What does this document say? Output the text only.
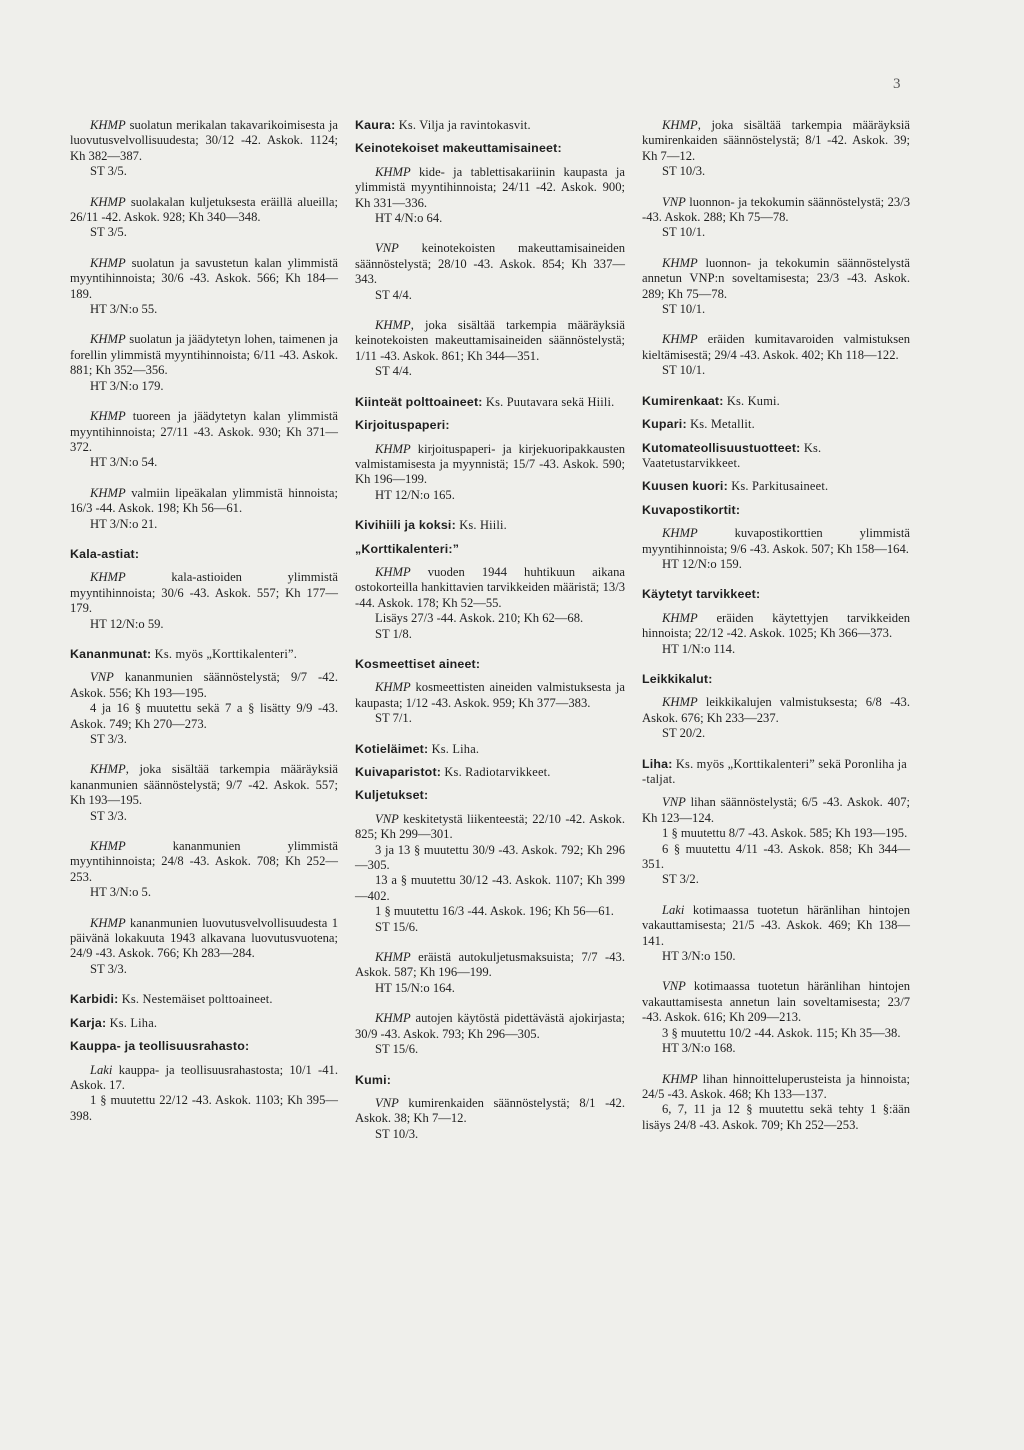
3

KHMP suolatun merikalan takavarikoimisesta ja luovutusvelvollisuudesta; 30/12 -42. Askok. 1124; Kh 382—387.

ST 3/5.

KHMP suolakalan kuljetuksesta eräillä alueilla; 26/11 -42. Askok. 928; Kh 340—348.

ST 3/5.

KHMP suolatun ja savustetun kalan ylimmistä myyntihinnoista; 30/6 -43. Askok. 566; Kh 184—189.

HT 3/N:o 55.

KHMP suolatun ja jäädytetyn lohen, taimenen ja forellin ylimmistä myyntihinnoista; 6/11 -43. Askok. 881; Kh 352—356.

HT 3/N:o 179.

KHMP tuoreen ja jäädytetyn kalan ylimmistä myyntihinnoista; 27/11 -43. Askok. 930; Kh 371—372.

HT 3/N:o 54.

KHMP valmiin lipeäkalan ylimmistä hinnoista; 16/3 -44. Askok. 198; Kh 56—61.

HT 3/N:o 21.

Kala-astiat:

KHMP kala-astioiden ylimmistä myyntihinnoista; 30/6 -43. Askok. 557; Kh 177—179.

HT 12/N:o 59.

Kananmunat: Ks. myös „Korttikalenteri”.

VNP kananmunien säännöstelystä; 9/7 -42. Askok. 556; Kh 193—195.

4 ja 16 § muutettu sekä 7 a § lisätty 9/9 -43. Askok. 749; Kh 270—273.

ST 3/3.

KHMP, joka sisältää tarkempia määräyksiä kananmunien säännöstelystä; 9/7 -42. Askok. 557; Kh 193—195.

ST 3/3.

KHMP kananmunien ylimmistä myyntihinnoista; 24/8 -43. Askok. 708; Kh 252—253.

HT 3/N:o 5.

KHMP kananmunien luovutusvelvollisuudesta 1 päivänä lokakuuta 1943 alkavana luovutusvuotena; 24/9 -43. Askok. 766; Kh 283—284.

ST 3/3.

Karbidi: Ks. Nestemäiset polttoaineet.
Karja: Ks. Liha.
Kauppa- ja teollisuusrahasto:

Laki kauppa- ja teollisuusrahastosta; 10/1 -41. Askok. 17.

1 § muutettu 22/12 -43. Askok. 1103; Kh 395—398.

Kaura: Ks. Vilja ja ravintokasvit.
Keinotekoiset makeuttamisaineet:

KHMP kide- ja tablettisakariinin kaupasta ja ylimmistä myyntihinnoista; 24/11 -42. Askok. 900; Kh 331—336.

HT 4/N:o 64.

VNP keinotekoisten makeuttamisaineiden säännöstelystä; 28/10 -43. Askok. 854; Kh 337—343.

ST 4/4.

KHMP, joka sisältää tarkempia määräyksiä keinotekoisten makeuttamisaineiden säännöstelystä; 1/11 -43. Askok. 861; Kh 344—351.

ST 4/4.

Kiinteät polttoaineet: Ks. Puutavara sekä Hiili.
Kirjoituspaperi:

KHMP kirjoituspaperi- ja kirjekuoripakkausten valmistamisesta ja myynnistä; 15/7 -43. Askok. 590; Kh 196—199.

HT 12/N:o 165.

Kivihiili ja koksi: Ks. Hiili.
„Korttikalenteri:”

KHMP vuoden 1944 huhtikuun aikana ostokorteilla hankittavien tarvikkeiden määristä; 13/3 -44. Askok. 178; Kh 52—55.

Lisäys 27/3 -44. Askok. 210; Kh 62—68.

ST 1/8.

Kosmeettiset aineet:

KHMP kosmeettisten aineiden valmistuksesta ja kaupasta; 1/12 -43. Askok. 959; Kh 377—383.

ST 7/1.

Kotieläimet: Ks. Liha.
Kuivaparistot: Ks. Radiotarvikkeet.
Kuljetukset:

VNP keskitetystä liikenteestä; 22/10 -42. Askok. 825; Kh 299—301.

3 ja 13 § muutettu 30/9 -43. Askok. 792; Kh 296—305.

13 a § muutettu 30/12 -43. Askok. 1107; Kh 399—402.

1 § muutettu 16/3 -44. Askok. 196; Kh 56—61.

ST 15/6.

KHMP eräistä autokuljetusmaksuista; 7/7 -43. Askok. 587; Kh 196—199.

HT 15/N:o 164.

KHMP autojen käytöstä pidettävästä ajokirjasta; 30/9 -43. Askok. 793; Kh 296—305.

ST 15/6.

Kumi:

VNP kumirenkaiden säännöstelystä; 8/1 -42. Askok. 38; Kh 7—12.

ST 10/3.

KHMP, joka sisältää tarkempia määräyksiä kumirenkaiden säännöstelystä; 8/1 -42. Askok. 39; Kh 7—12.

ST 10/3.

VNP luonnon- ja tekokumin säännöstelystä; 23/3 -43. Askok. 288; Kh 75—78.

ST 10/1.

KHMP luonnon- ja tekokumin säännöstelystä annetun VNP:n soveltamisesta; 23/3 -43. Askok. 289; Kh 75—78.

ST 10/1.

KHMP eräiden kumitavaroiden valmistuksen kieltämisestä; 29/4 -43. Askok. 402; Kh 118—122.

ST 10/1.

Kumirenkaat: Ks. Kumi.
Kupari: Ks. Metallit.
Kutomateollisuustuotteet: Ks. Vaatetustarvikkeet.
Kuusen kuori: Ks. Parkitusaineet.
Kuvapostikortit:

KHMP kuvapostikorttien ylimmistä myyntihinnoista; 9/6 -43. Askok. 507; Kh 158—164.

HT 12/N:o 159.

Käytetyt tarvikkeet:

KHMP eräiden käytettyjen tarvikkeiden hinnoista; 22/12 -42. Askok. 1025; Kh 366—373.

HT 1/N:o 114.

Leikkikalut:

KHMP leikkikalujen valmistuksesta; 6/8 -43. Askok. 676; Kh 233—237.

ST 20/2.

Liha: Ks. myös „Korttikalenteri” sekä Poronliha ja -taljat.

VNP lihan säännöstelystä; 6/5 -43. Askok. 407; Kh 123—124.

1 § muutettu 8/7 -43. Askok. 585; Kh 193—195.

6 § muutettu 4/11 -43. Askok. 858; Kh 344—351.

ST 3/2.

Laki kotimaassa tuotetun häränlihan hintojen vakauttamisesta; 21/5 -43. Askok. 469; Kh 138—141.

HT 3/N:o 150.

VNP kotimaassa tuotetun häränlihan hintojen vakauttamisesta annetun lain soveltamisesta; 23/7 -43. Askok. 616; Kh 209—213.

3 § muutettu 10/2 -44. Askok. 115; Kh 35—38.

HT 3/N:o 168.

KHMP lihan hinnoitteluperusteista ja hinnoista; 24/5 -43. Askok. 468; Kh 133—137.

6, 7, 11 ja 12 § muutettu sekä tehty 1 §:ään lisäys 24/8 -43. Askok. 709; Kh 252—253.
